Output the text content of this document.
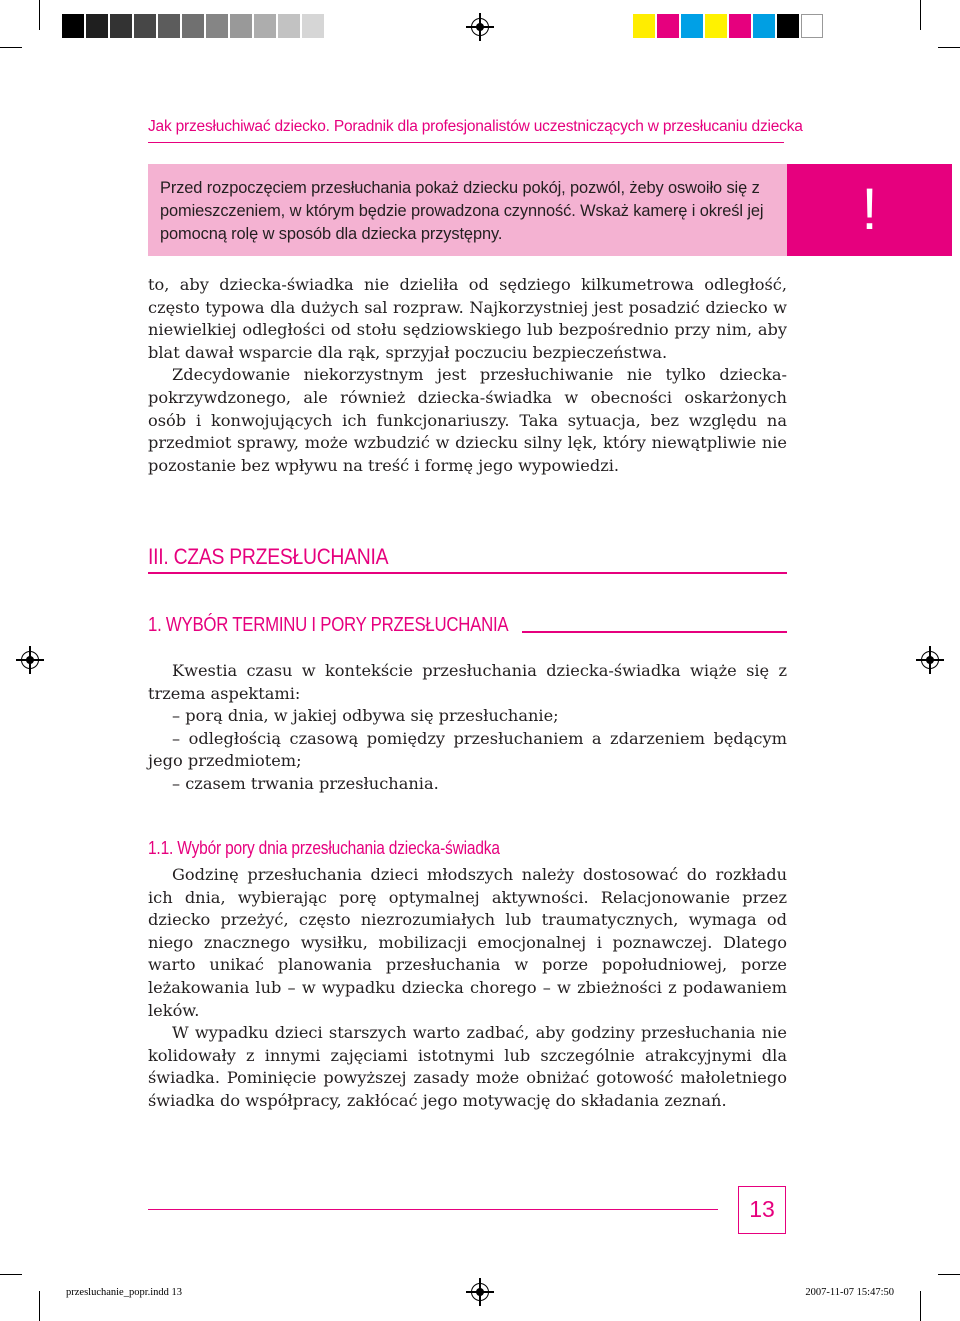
Jak przesłuchiwać dziecko. Poradnik dla profesjonalistów uczestniczących w przesłucaniu dziecka
Przed rozpoczęciem przesłuchania pokaż dziecku pokój, pozwól, żeby oswoiło się z pomieszczeniem, w którym będzie prowadzona czynność. Wskaż kamerę i określ jej pomocną rolę w sposób dla dziecka przystępny.	!

to, aby dziecka-świadka nie dzieliła od sędziego kilkumetrowa odległość, często typowa dla dużych sal rozpraw. Najkorzystniej jest posadzić dziecko w niewielkiej odległości od stołu sędziowskiego lub bezpośrednio przy nim, aby blat dawał wsparcie dla rąk, sprzyjał poczuciu bezpieczeństwa.

Zdecydowanie niekorzystnym jest przesłuchiwanie nie tylko dziecka-pokrzywdzonego, ale również dziecka-świadka w obecności oskarżonych osób i konwojujących ich funkcjonariuszy. Taka sytuacja, bez względu na przedmiot sprawy, może wzbudzić w dziecku silny lęk, który niewątpliwie nie pozostanie bez wpływu na treść i formę jego wypowiedzi.

III. CZAS PRZESŁUCHANIA
1. WYBÓR TERMINU I PORY PRZESŁUCHANIA

Kwestia czasu w kontekście przesłuchania dziecka-świadka wiąże się z trzema aspektami:

– porą dnia, w jakiej odbywa się przesłuchanie;

– odległością czasową pomiędzy przesłuchaniem a zdarzeniem będącym jego przedmiotem;

– czasem trwania przesłuchania.

1.1. Wybór pory dnia przesłuchania dziecka-świadka

Godzinę przesłuchania dzieci młodszych należy dostosować do rozkładu ich dnia, wybierając porę optymalnej aktywności. Relacjonowanie przez dziecko przeżyć, często niezrozumiałych lub traumatycznych, wymaga od niego znacznego wysiłku, mobilizacji emocjonalnej i poznawczej. Dlatego warto unikać planowania przesłuchania w porze popołudniowej, porze leżakowania lub – w wypadku dziecka chorego – w zbieżności z podawaniem leków.

W wypadku dzieci starszych warto zadbać, aby godziny przesłuchania nie kolidowały z innymi zajęciami istotnymi lub szczególnie atrakcyjnymi dla świadka. Pominięcie powyższej zasady może obniżać gotowość małoletniego świadka do współpracy, zakłócać jego motywację do składania zeznań.

13
przesluchanie_popr.indd 13	2007-11-07 15:47:50
